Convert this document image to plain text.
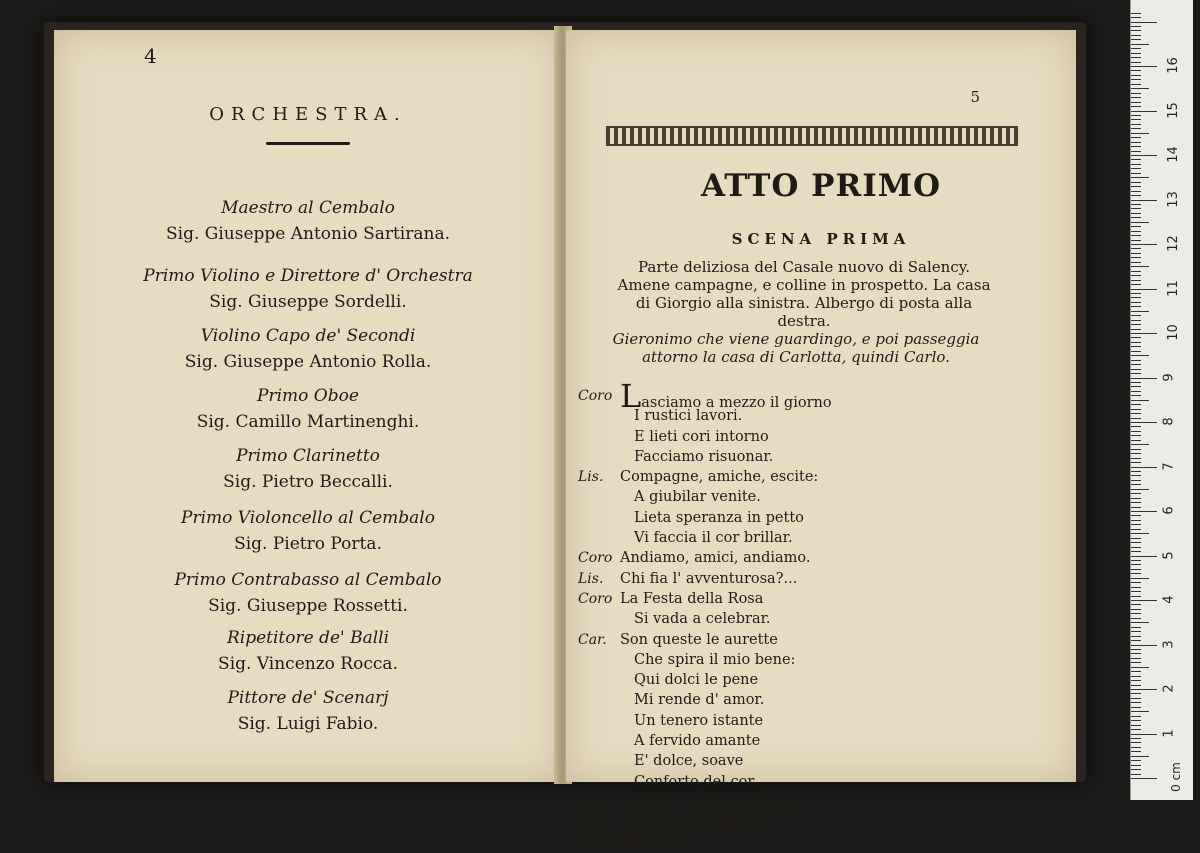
4
ORCHESTRA.
Maestro al Cembalo
Sig. Giuseppe Antonio Sartirana.
Primo Violino e Direttore d' Orchestra
Sig. Giuseppe Sordelli.
Violino Capo de' Secondi
Sig. Giuseppe Antonio Rolla.
Primo Oboe
Sig. Camillo Martinenghi.
Primo Clarinetto
Sig. Pietro Beccalli.
Primo Violoncello al Cembalo
Sig. Pietro Porta.
Primo Contrabasso al Cembalo
Sig. Giuseppe Rossetti.
Ripetitore de' Balli
Sig. Vincenzo Rocca.
Pittore de' Scenarj
Sig. Luigi Fabio.
5
ATTO PRIMO
SCENA PRIMA
Parte deliziosa del Casale nuovo di Salency. Amene campagne, e colline in prospetto. La casa di Giorgio alla sinistra. Albergo di posta alla destra.
Gieronimo che viene guardingo, e poi passeggia attorno la casa di Carlotta, quindi Carlo.
Coro Lasciamo a mezzo il giorno
I rustici lavori.
E lieti cori intorno
Facciamo risuonar.
Lis. Compagne, amiche, escite:
A giubilar venite.
Lieta speranza in petto
Vi faccia il cor brillar.
Coro Andiamo, amici, andiamo.
Lis. Chi fia l' avventurosa?...
Coro La Festa della Rosa
Si vada a celebrar.
Car. Son queste le aurette
Che spira il mio bene:
Qui dolci le pene
Mi rende d' amor.
Un tenero istante
A fervido amante
E' dolce, soave
Conforto del cor.
Gie. Signore, io sono stanco.
Car. Io brucio, amico mio.
Gie. Ma, qui...
0 cm
1
2
3
4
5
6
7
8
9
10
11
12
13
14
15
16
